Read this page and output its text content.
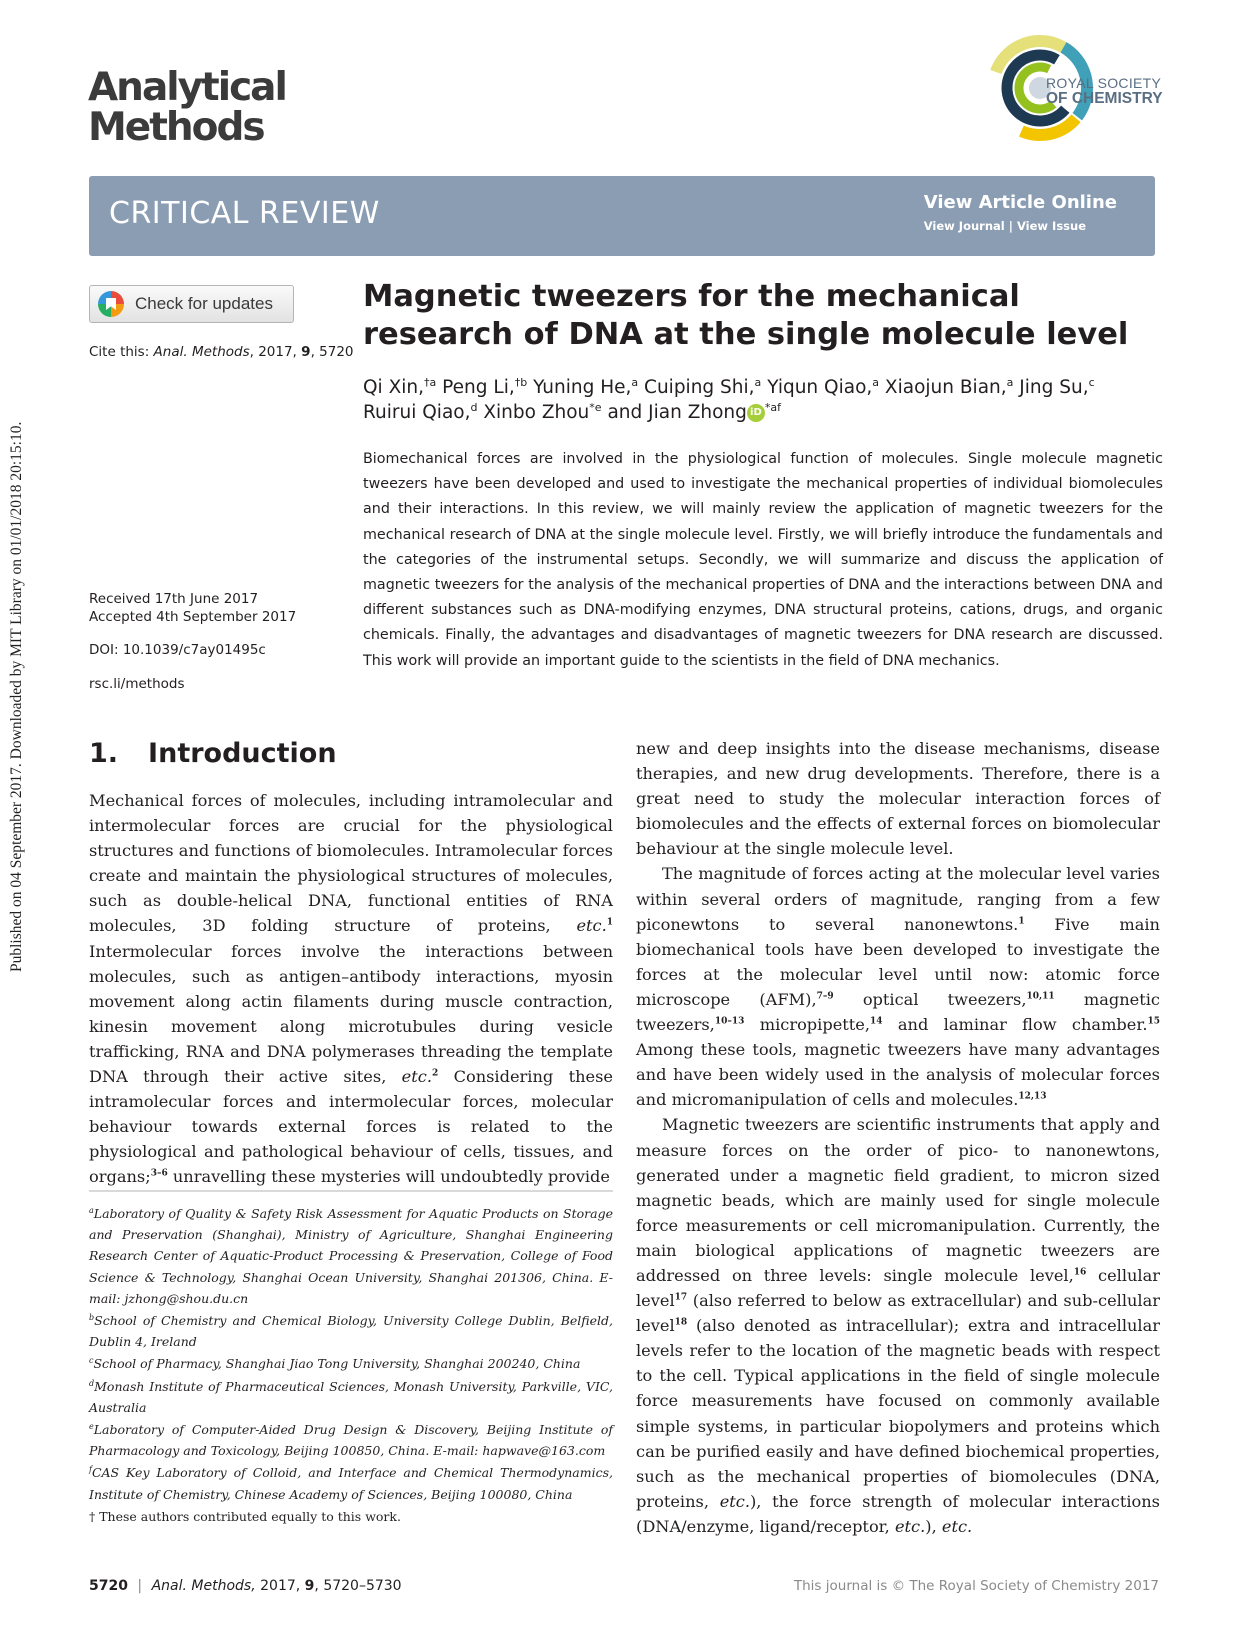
Published on 04 September 2017. Downloaded by MIT Library on 01/01/2018 20:15:10.
Analytical
Methods
ROYAL SOCIETY
OF CHEMISTRY
CRITICAL REVIEW	View Article Online
View Journal | View Issue
Check for updates
Cite this: Anal. Methods, 2017, 9, 5720
Received 17th June 2017
Accepted 4th September 2017
DOI: 10.1039/c7ay01495c
rsc.li/methods
Magnetic tweezers for the mechanical research of DNA at the single molecule level
Qi Xin,$^{\dagger a}$ Peng Li,$^{\dagger b}$ Yuning He,$^a$ Cuiping Shi,$^a$ Yiqun Qiao,$^a$ Xiaojun Bian,$^a$ Jing Su,$^c$
Ruirui Qiao,$^d$ Xinbo Zhou$^{*e}$ and Jian Zhong iD $^{*af}$
Biomechanical forces are involved in the physiological function of molecules. Single molecule magnetic tweezers have been developed and used to investigate the mechanical properties of individual biomolecules and their interactions. In this review, we will mainly review the application of magnetic tweezers for the mechanical research of DNA at the single molecule level. Firstly, we will briefly introduce the fundamentals and the categories of the instrumental setups. Secondly, we will summarize and discuss the application of magnetic tweezers for the analysis of the mechanical properties of DNA and the interactions between DNA and different substances such as DNA-modifying enzymes, DNA structural proteins, cations, drugs, and organic chemicals. Finally, the advantages and disadvantages of magnetic tweezers for DNA research are discussed. This work will provide an important guide to the scientists in the field of DNA mechanics.
1. Introduction

Mechanical forces of molecules, including intramolecular and intermolecular forces are crucial for the physiological structures and functions of biomolecules. Intramolecular forces create and maintain the physiological structures of molecules, such as double-helical DNA, functional entities of RNA molecules, 3D folding structure of proteins, etc.$^1$ Intermolecular forces involve the interactions between molecules, such as antigen–antibody interactions, myosin movement along actin filaments during muscle contraction, kinesin movement along microtubules during vesicle trafficking, RNA and DNA polymerases threading the template DNA through their active sites, etc.$^2$ Considering these intramolecular forces and intermolecular forces, molecular behaviour towards external forces is related to the physiological and pathological behaviour of cells, tissues, and organs;$^{3-6}$ unravelling these mysteries will undoubtedly provide

$^a$Laboratory of Quality & Safety Risk Assessment for Aquatic Products on Storage and Preservation (Shanghai), Ministry of Agriculture, Shanghai Engineering Research Center of Aquatic-Product Processing & Preservation, College of Food Science & Technology, Shanghai Ocean University, Shanghai 201306, China. E-mail: jzhong@shou.du.cn

$^b$School of Chemistry and Chemical Biology, University College Dublin, Belfield, Dublin 4, Ireland

$^c$School of Pharmacy, Shanghai Jiao Tong University, Shanghai 200240, China

$^d$Monash Institute of Pharmaceutical Sciences, Monash University, Parkville, VIC, Australia

$^e$Laboratory of Computer-Aided Drug Design & Discovery, Beijing Institute of Pharmacology and Toxicology, Beijing 100850, China. E-mail: hapwave@163.com

$^f$CAS Key Laboratory of Colloid, and Interface and Chemical Thermodynamics, Institute of Chemistry, Chinese Academy of Sciences, Beijing 100080, China

† These authors contributed equally to this work.

new and deep insights into the disease mechanisms, disease therapies, and new drug developments. Therefore, there is a great need to study the molecular interaction forces of biomolecules and the effects of external forces on biomolecular behaviour at the single molecule level.

The magnitude of forces acting at the molecular level varies within several orders of magnitude, ranging from a few piconewtons to several nanonewtons.$^1$ Five main biomechanical tools have been developed to investigate the forces at the molecular level until now: atomic force microscope (AFM),$^{7-9}$ optical tweezers,$^{10,11}$ magnetic tweezers,$^{10-13}$ micropipette,$^{14}$ and laminar flow chamber.$^{15}$ Among these tools, magnetic tweezers have many advantages and have been widely used in the analysis of molecular forces and micromanipulation of cells and molecules.$^{12,13}$

Magnetic tweezers are scientific instruments that apply and measure forces on the order of pico- to nanonewtons, generated under a magnetic field gradient, to micron sized magnetic beads, which are mainly used for single molecule force measurements or cell micromanipulation. Currently, the main biological applications of magnetic tweezers are addressed on three levels: single molecule level,$^{16}$ cellular level$^{17}$ (also referred to below as extracellular) and sub-cellular level$^{18}$ (also denoted as intracellular); extra and intracellular levels refer to the location of the magnetic beads with respect to the cell. Typical applications in the field of single molecule force measurements have focused on commonly available simple systems, in particular biopolymers and proteins which can be purified easily and have defined biochemical properties, such as the mechanical properties of biomolecules (DNA, proteins, etc.), the force strength of molecular interactions (DNA/enzyme, ligand/receptor, etc.), etc.

5720 | Anal. Methods, 2017, 9, 5720–5730	This journal is © The Royal Society of Chemistry 2017
